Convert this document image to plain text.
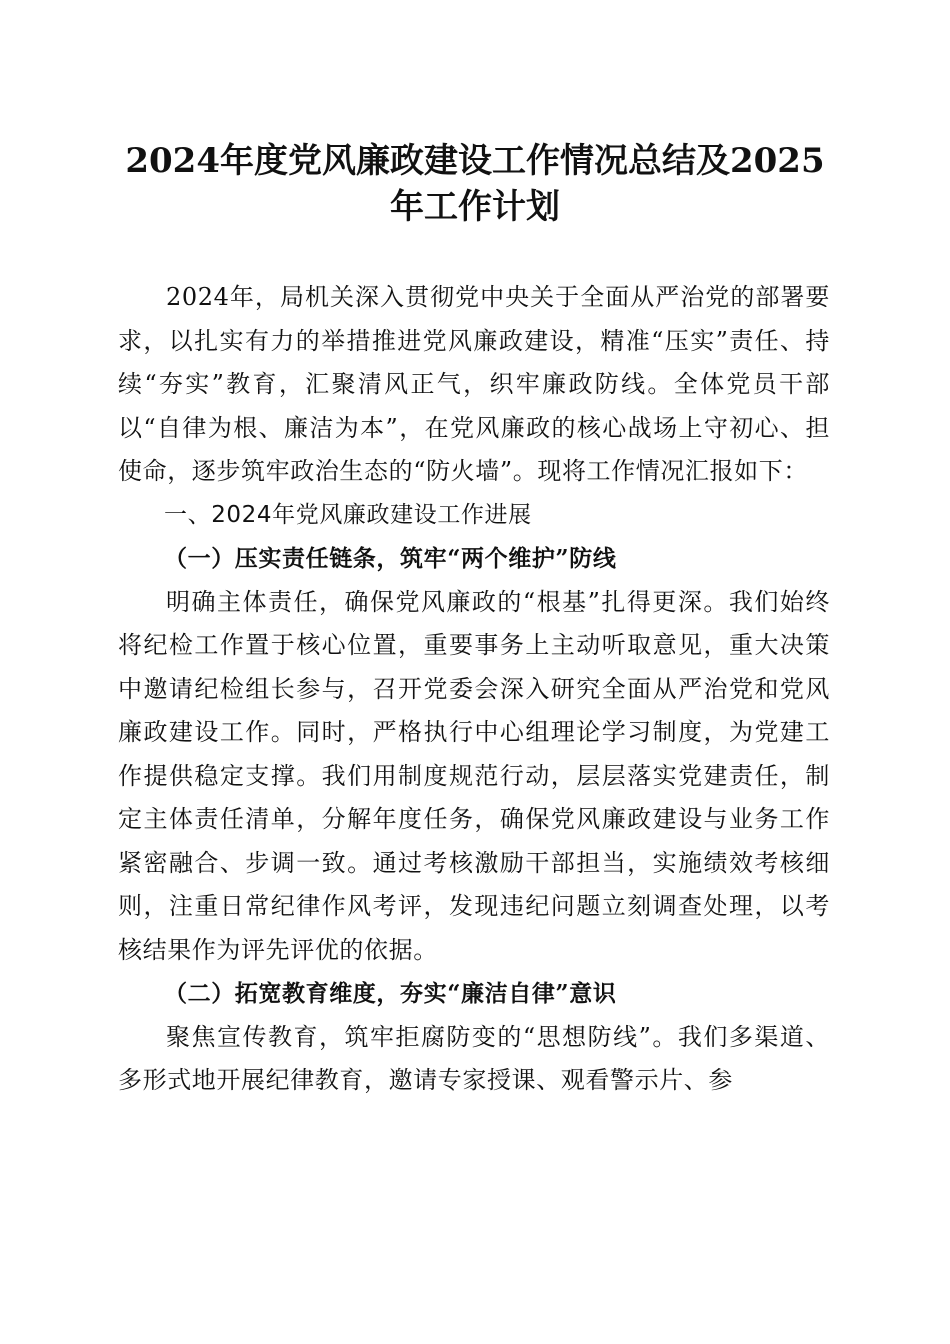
2024年度党风廉政建设工作情况总结及2025
年工作计划

2024年，局机关深入贯彻党中央关于全面从严治党的部署要求，以扎实有力的举措推进党风廉政建设，精准“压实”责任、持续“夯实”教育，汇聚清风正气，织牢廉政防线。全体党员干部以“自律为根、廉洁为本”，在党风廉政的核心战场上守初心、担使命，逐步筑牢政治生态的“防火墙”。现将工作情况汇报如下：

一、2024年党风廉政建设工作进展

（一）压实责任链条，筑牢“两个维护”防线

明确主体责任，确保党风廉政的“根基”扎得更深。我们始终将纪检工作置于核心位置，重要事务上主动听取意见，重大决策中邀请纪检组长参与，召开党委会深入研究全面从严治党和党风廉政建设工作。同时，严格执行中心组理论学习制度，为党建工作提供稳定支撑。我们用制度规范行动，层层落实党建责任，制定主体责任清单，分解年度任务，确保党风廉政建设与业务工作紧密融合、步调一致。通过考核激励干部担当，实施绩效考核细则，注重日常纪律作风考评，发现违纪问题立刻调查处理，以考核结果作为评先评优的依据。

（二）拓宽教育维度，夯实“廉洁自律”意识

聚焦宣传教育，筑牢拒腐防变的“思想防线”。我们多渠道、多形式地开展纪律教育，邀请专家授课、观看警示片、参
